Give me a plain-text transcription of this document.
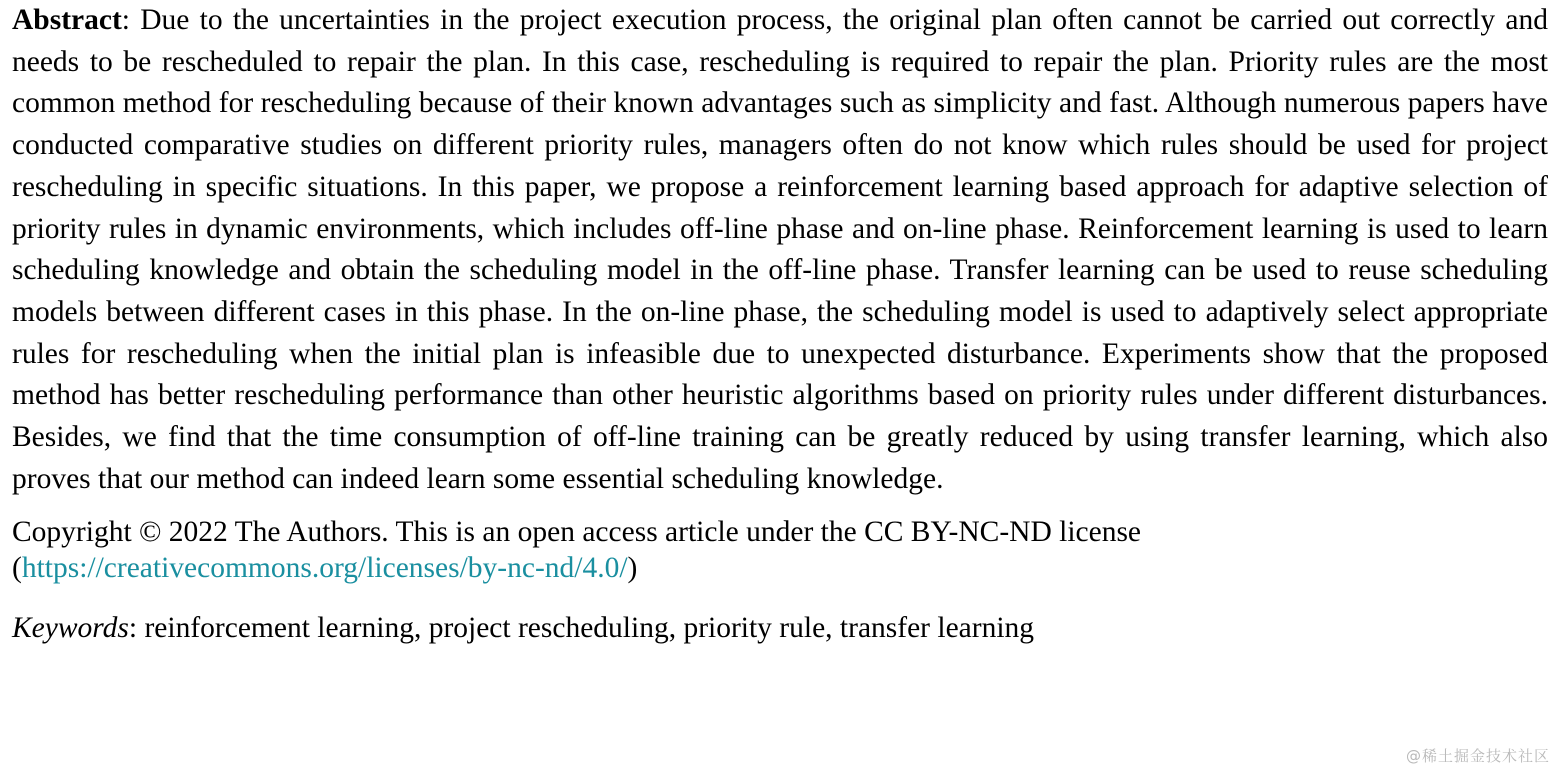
Abstract: Due to the uncertainties in the project execution process, the original plan often cannot be carried out correctly and needs to be rescheduled to repair the plan. In this case, rescheduling is required to repair the plan. Priority rules are the most common method for rescheduling because of their known advantages such as simplicity and fast. Although numerous papers have conducted comparative studies on different priority rules, managers often do not know which rules should be used for project rescheduling in specific situations. In this paper, we propose a reinforcement learning based approach for adaptive selection of priority rules in dynamic environments, which includes off-line phase and on-line phase. Reinforcement learning is used to learn scheduling knowledge and obtain the scheduling model in the off-line phase. Transfer learning can be used to reuse scheduling models between different cases in this phase. In the on-line phase, the scheduling model is used to adaptively select appropriate rules for rescheduling when the initial plan is infeasible due to unexpected disturbance. Experiments show that the proposed method has better rescheduling performance than other heuristic algorithms based on priority rules under different disturbances. Besides, we find that the time consumption of off-line training can be greatly reduced by using transfer learning, which also proves that our method can indeed learn some essential scheduling knowledge.

Copyright © 2022 The Authors. This is an open access article under the CC BY-NC-ND license
(https://creativecommons.org/licenses/by-nc-nd/4.0/)

Keywords: reinforcement learning, project rescheduling, priority rule, transfer learning

@稀土掘金技术社区
